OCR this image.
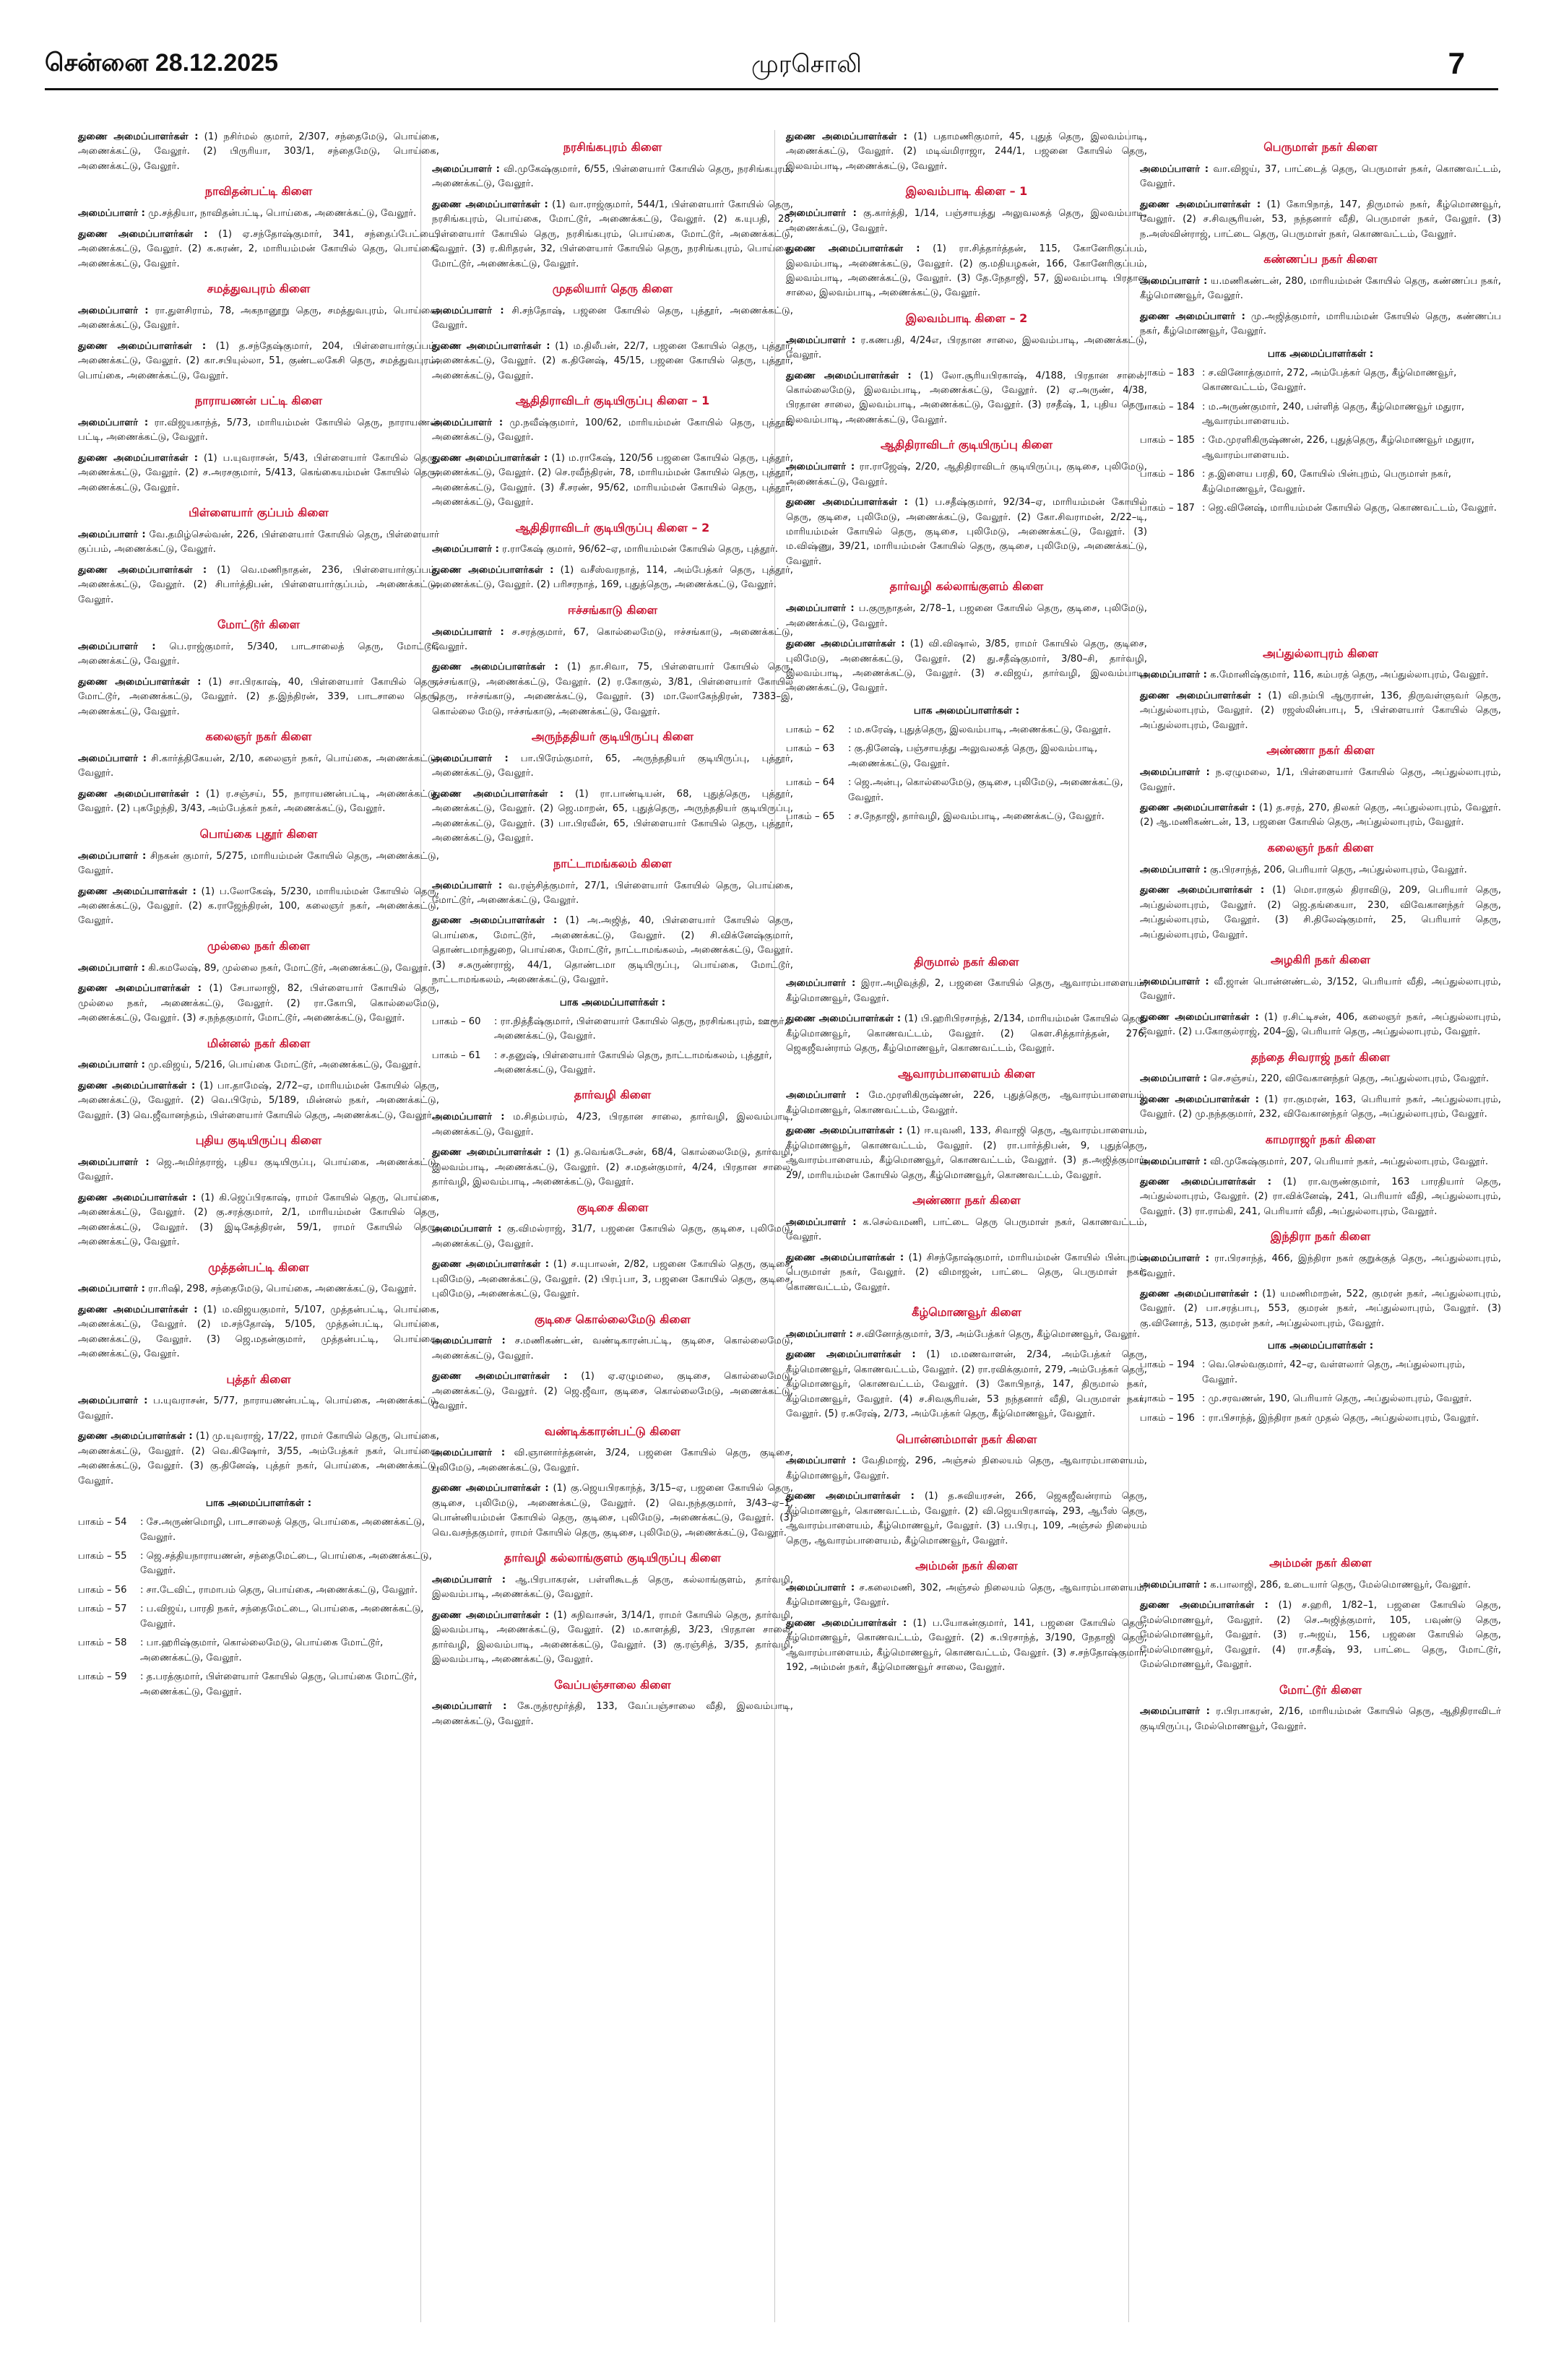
சென்னை 28.12.2025	முரசொலி	7

துணை அமைப்பாளர்கள் : (1) நசிர்மல் குமார், 2/307, சந்தைமேடு, பொய்கை, அணைக்கட்டு, வேலூர். (2) பிருரியா, 303/1, சந்தைமேடு, பொய்கை, அணைக்கட்டு, வேலூர்.

நாவிதன்பட்டி கிளை

அமைப்பாளர் : மு.சத்தியா, நாவிதன்பட்டி, பொய்கை, அணைக்கட்டு, வேலூர்.

துணை அமைப்பாளர்கள் : (1) ஏ.சந்தோஷ்குமார், 341, சந்தைப்பேட்டை, அணைக்கட்டு, வேலூர். (2) க.சுரண், 2, மாரியம்மன் கோயில் தெரு, பொய்கை, அணைக்கட்டு, வேலூர்.

சமத்துவபுரம் கிளை

அமைப்பாளர் : ரா.துளசிராம், 78, அகநானூறு தெரு, சமத்துவபுரம், பொய்கை, அணைக்கட்டு, வேலூர்.

துணை அமைப்பாளர்கள் : (1) த.சந்தேஷ்குமார், 204, பிள்ளையார்குப்பம், அணைக்கட்டு, வேலூர். (2) கா.சபியுல்லா, 51, குண்டலகேசி தெரு, சமத்துவபுரம், பொய்கை, அணைக்கட்டு, வேலூர்.

நாராயணன் பட்டி கிளை

அமைப்பாளர் : ரா.விஜயகாந்த், 5/73, மாரியம்மன் கோயில் தெரு, நாராயணன் பட்டி, அணைக்கட்டு, வேலூர்.

துணை அமைப்பாளர்கள் : (1) ப.யுவராசன், 5/43, பிள்ளையார் கோயில் தெரு, அணைக்கட்டு, வேலூர். (2) ச.அரசகுமார், 5/413, கெங்கையம்மன் கோயில் தெரு, அணைக்கட்டு, வேலூர்.

பிள்ளையார் குப்பம் கிளை

அமைப்பாளர் : வே.தமிழ்செல்வன், 226, பிள்ளையார் கோயில் தெரு, பிள்ளையார் குப்பம், அணைக்கட்டு, வேலூர்.

துணை அமைப்பாளர்கள் : (1) வெ.மணிநாதன், 236, பிள்ளையார்குப்பம், அணைக்கட்டு, வேலூர். (2) சிபார்த்திபன், பிள்ளையார்குப்பம், அணைக்கட்டு, வேலூர்.

மோட்டூர் கிளை

அமைப்பாளர் : பெ.ராஜ்குமார், 5/340, பாடசாலைத் தெரு, மோட்டூர், அணைக்கட்டு, வேலூர்.

துணை அமைப்பாளர்கள் : (1) சா.பிரகாஷ், 40, பிள்ளையார் கோயில் தெரு, மோட்டூர், அணைக்கட்டு, வேலூர். (2) த.இந்திரன், 339, பாடசாலை தெரு, அணைக்கட்டு, வேலூர்.

கலைஞர் நகர் கிளை

அமைப்பாளர் : சி.கார்த்திகேயன், 2/10, கலைஞர் நகர், பொய்கை, அணைக்கட்டு, வேலூர்.

துணை அமைப்பாளர்கள் : (1) ர.சஞ்சய், 55, நாராயணன்பட்டி, அணைக்கட்டு, வேலூர். (2) புகழேந்தி, 3/43, அம்பேத்கர் நகர், அணைக்கட்டு, வேலூர்.

பொய்கை புதூர் கிளை

அமைப்பாளர் : சிநகன் குமார், 5/275, மாரியம்மன் கோயில் தெரு, அணைக்கட்டு, வேலூர்.

துணை அமைப்பாளர்கள் : (1) ப.லோகேஷ், 5/230, மாரியம்மன் கோயில் தெரு, அணைக்கட்டு, வேலூர். (2) க.ராஜேந்திரன், 100, கலைஞர் நகர், அணைக்கட்டு, வேலூர்.

முல்லை நகர் கிளை

அமைப்பாளர் : கி.கமலேஷ், 89, முல்லை நகர், மோட்டூர், அணைக்கட்டு, வேலூர்.

துணை அமைப்பாளர்கள் : (1) சேபாலாஜி, 82, பிள்ளையார் கோயில் தெரு, முல்லை நகர், அணைக்கட்டு, வேலூர். (2) ரா.கோபி, கொல்லைமேடு, அணைக்கட்டு, வேலூர். (3) ச.நந்தகுமார், மோட்டூர், அணைக்கட்டு, வேலூர்.

மின்னல் நகர் கிளை

அமைப்பாளர் : மு.விஜய், 5/216, பொய்கை மோட்டூர், அணைக்கட்டு, வேலூர்.

துணை அமைப்பாளர்கள் : (1) பா.தாமேஷ், 2/72–ஏ, மாரியம்மன் கோயில் தெரு, அணைக்கட்டு, வேலூர். (2) வெ.பிரேம், 5/189, மின்னல் நகர், அணைக்கட்டு, வேலூர். (3) வெ.ஜீவானந்தம், பிள்ளையார் கோயில் தெரு, அணைக்கட்டு, வேலூர்.

புதிய குடியிருப்பு கிளை

அமைப்பாளர் : ஜெ.அமிர்தராஜ், புதிய குடியிருப்பு, பொய்கை, அணைக்கட்டு, வேலூர்.

துணை அமைப்பாளர்கள் : (1) கி.ஜெப்பிரகாஷ், ராமர் கோயில் தெரு, பொய்கை, அணைக்கட்டு, வேலூர். (2) கு.சரத்குமார், 2/1, மாரியம்மன் கோயில் தெரு, அணைக்கட்டு, வேலூர். (3) இடிகேத்திரன், 59/1, ராமர் கோயில் தெரு, அணைக்கட்டு, வேலூர்.

முத்தன்பட்டி கிளை

அமைப்பாளர் : ரா.ரிஷி, 298, சந்தைமேடு, பொய்கை, அணைக்கட்டு, வேலூர்.

துணை அமைப்பாளர்கள் : (1) ம.விஜயகுமார், 5/107, முத்தன்பட்டி, பொய்கை, அணைக்கட்டு, வேலூர். (2) ம.சந்தோஷ், 5/105, முத்தன்பட்டி, பொய்கை, அணைக்கட்டு, வேலூர். (3) ஜெ.மதன்குமார், முத்தன்பட்டி, பொய்கை, அணைக்கட்டு, வேலூர்.

புத்தர் கிளை

அமைப்பாளர் : ப.யுவராசன், 5/77, நாராயணன்பட்டி, பொய்கை, அணைக்கட்டு, வேலூர்.

துணை அமைப்பாளர்கள் : (1) மு.யுவராஜ், 17/22, ராமர் கோயில் தெரு, பொய்கை, அணைக்கட்டு, வேலூர். (2) வெ.கிஷோர், 3/55, அம்பேத்கர் நகர், பொய்கை, அணைக்கட்டு, வேலூர். (3) கு.தினேஷ், புத்தர் நகர், பொய்கை, அணைக்கட்டு, வேலூர்.

பாக அமைப்பாளர்கள் :
பாகம் – 54	: சே.அருண்மொழி, பாடசாலைத் தெரு, பொய்கை, அணைக்கட்டு, வேலூர்.
பாகம் – 55	: ஜெ.சத்தியநாராயணன், சந்தைமேட்டை, பொய்கை, அணைக்கட்டு, வேலூர்.
பாகம் – 56	: சா.டேவிட், ராமாபம் தெரு, பொய்கை, அணைக்கட்டு, வேலூர்.
பாகம் – 57	: ப.விஜய், பாரதி நகர், சந்தைமேட்டை, பொய்கை, அணைக்கட்டு, வேலூர்.
பாகம் – 58	: பா.ஹரிஷ்குமார், கொல்லைமேடு, பொய்கை மோட்டூர், அணைக்கட்டு, வேலூர்.
பாகம் – 59	: த.பரத்குமார், பிள்ளையார் கோயில் தெரு, பொய்கை மோட்டூர், அணைக்கட்டு, வேலூர்.
நரசிங்கபுரம் கிளை

அமைப்பாளர் : வி.முகேஷ்குமார், 6/55, பிள்ளையார் கோயில் தெரு, நரசிங்கபுரம், அணைக்கட்டு, வேலூர்.

துணை அமைப்பாளர்கள் : (1) வா.ராஜ்குமார், 544/1, பிள்ளையார் கோயில் தெரு, நரசிங்கபுரம், பொய்கை, மோட்டூர், அணைக்கட்டு, வேலூர். (2) க.யுபதி, 28, பிள்ளையார் கோயில் தெரு, நரசிங்கபுரம், பொய்கை, மோட்டூர், அணைக்கட்டு, வேலூர். (3) ர.கிரிதரன், 32, பிள்ளையார் கோயில் தெரு, நரசிங்கபுரம், பொய்கை, மோட்டூர், அணைக்கட்டு, வேலூர்.

முதலியார் தெரு கிளை

அமைப்பாளர் : சி.சந்தோஷ், பஜனை கோயில் தெரு, புத்தூர், அணைக்கட்டு, வேலூர்.

துணை அமைப்பாளர்கள் : (1) ம.திலீபன், 22/7, பஜனை கோயில் தெரு, புத்தூர், அணைக்கட்டு, வேலூர். (2) க.தினேஷ், 45/15, பஜனை கோயில் தெரு, புத்தூர், அணைக்கட்டு, வேலூர்.

ஆதிதிராவிடர் குடியிருப்பு கிளை – 1

அமைப்பாளர் : மு.நவீஷ்குமார், 100/62, மாரியம்மன் கோயில் தெரு, புத்தூர், அணைக்கட்டு, வேலூர்.

துணை அமைப்பாளர்கள் : (1) ம.ராகேஷ், 120/56 பஜனை கோயில் தெரு, புத்தூர், அணைக்கட்டு, வேலூர். (2) செ.ரவீந்திரன், 78, மாரியம்மன் கோயில் தெரு, புத்தூர், அணைக்கட்டு, வேலூர். (3) சீ.சரண், 95/62, மாரியம்மன் கோயில் தெரு, புத்தூர், அணைக்கட்டு, வேலூர்.

ஆதிதிராவிடர் குடியிருப்பு கிளை – 2

அமைப்பாளர் : ர.ராகேஷ் குமார், 96/62–ஏ, மாரியம்மன் கோயில் தெரு, புத்தூர்.

துணை அமைப்பாளர்கள் : (1) வசீஸ்வரநாத், 114, அம்பேத்கர் தெரு, புத்தூர், அணைக்கட்டு, வேலூர். (2) பரிசரநாத், 169, புதுத்தெரு, அணைக்கட்டு, வேலூர்.

ஈச்சங்காடு கிளை

அமைப்பாளர் : ச.சரத்குமார், 67, கொல்லைமேடு, ஈச்சங்காடு, அணைக்கட்டு, வேலூர்.

துணை அமைப்பாளர்கள் : (1) தா.சிவா, 75, பிள்ளையார் கோயில் தெரு, ஈச்சங்காடு, அணைக்கட்டு, வேலூர். (2) ர.கோகுல், 3/81, பிள்ளையார் கோயில் தெரு, ஈச்சங்காடு, அணைக்கட்டு, வேலூர். (3) மா.லோகேந்திரன், 7383–இ, கொல்லை மேடு, ஈச்சங்காடு, அணைக்கட்டு, வேலூர்.

அருந்ததியர் குடியிருப்பு கிளை

அமைப்பாளர் : பா.பிரேம்குமார், 65, அருந்ததியர் குடியிருப்பு, புத்தூர், அணைக்கட்டு, வேலூர்.

துணை அமைப்பாளர்கள் : (1) ரா.பாண்டியன், 68, புதுத்தெரு, புத்தூர், அணைக்கட்டு, வேலூர். (2) ஜெ.மாறன், 65, புதுத்தெரு, அருந்ததியர் குடியிருப்பு, அணைக்கட்டு, வேலூர். (3) பா.பிரவீன், 65, பிள்ளையார் கோயில் தெரு, புத்தூர், அணைக்கட்டு, வேலூர்.

நாட்டாமங்கலம் கிளை

அமைப்பாளர் : வ.ரஞ்சித்குமார், 27/1, பிள்ளையார் கோயில் தெரு, பொய்கை, மோட்டூர், அணைக்கட்டு, வேலூர்.

துணை அமைப்பாளர்கள் : (1) அ.அஜித், 40, பிள்ளையார் கோயில் தெரு, பொய்கை, மோட்டூர், அணைக்கட்டு, வேலூர். (2) சி.விக்னேஷ்குமார், தொண்டமாந்துறை, பொய்கை, மோட்டூர், நாட்டாமங்கலம், அணைக்கட்டு, வேலூர். (3) ச.சுருண்ராஜ், 44/1, தொண்டமா குடியிருப்பு, பொய்கை, மோட்டூர், நாட்டாமங்கலம், அணைக்கட்டு, வேலூர்.

பாக அமைப்பாளர்கள் :
பாகம் – 60	: ரா.நித்தீஷ்குமார், பிள்ளையார் கோயில் தெரு, நரசிங்கபுரம், ஊரூர், அணைக்கட்டு, வேலூர்.
பாகம் – 61	: ச.தனுஷ், பிள்ளையார் கோயில் தெரு, நாட்டாமங்கலம், புத்தூர், அணைக்கட்டு, வேலூர்.
தார்வழி கிளை

அமைப்பாளர் : ம.சிதம்பரம், 4/23, பிரதான சாலை, தார்வழி, இலவம்பாடி, அணைக்கட்டு, வேலூர்.

துணை அமைப்பாளர்கள் : (1) த.வெங்கடேசன், 68/4, கொல்லைமேடு, தார்வழி, இலவம்பாடி, அணைக்கட்டு, வேலூர். (2) ச.மதன்குமார், 4/24, பிரதான சாலை, தார்வழி, இலவம்பாடி, அணைக்கட்டு, வேலூர்.

குடிசை கிளை

அமைப்பாளர் : கு.விமல்ராஜ், 31/7, பஜனை கோயில் தெரு, குடிசை, புலிமேடு, அணைக்கட்டு, வேலூர்.

துணை அமைப்பாளர்கள் : (1) ச.யுபாலன், 2/82, பஜனை கோயில் தெரு, குடிசை, புலிமேடு, அணைக்கட்டு, வேலூர். (2) பிரபு்பா, 3, பஜனை கோயில் தெரு, குடிசை, புலிமேடு, அணைக்கட்டு, வேலூர்.

குடிசை கொல்லைமேடு கிளை

அமைப்பாளர் : ச.மணிகண்டன், வண்டிகாரன்பட்டி, குடிசை, கொல்லைமேடு, அணைக்கட்டு, வேலூர்.

துணை அமைப்பாளர்கள் : (1) ஏ.ஏழுமலை, குடிசை, கொல்லைமேடு, அணைக்கட்டு, வேலூர். (2) ஜெ.ஜீவா, குடிசை, கொல்லைமேடு, அணைக்கட்டு, வேலூர்.

வண்டிக்காரன்பட்டு கிளை

அமைப்பாளர் : வி.ஞானார்த்தனன், 3/24, பஜனை கோயில் தெரு, குடிசை, புலிமேடு, அணைக்கட்டு, வேலூர்.

துணை அமைப்பாளர்கள் : (1) கு.ஜெயபிரகாந்த், 3/15–ஏ, பஜனை கோயில் தெரு, குடிசை, புலிமேடு, அணைக்கட்டு, வேலூர். (2) வெ.நந்தகுமார், 3/43–ஏ–1, பொன்னியம்மன் கோயில் தெரு, குடிசை, புலிமேடு, அணைக்கட்டு, வேலூர். (3) வெ.வசந்தகுமார், ராமர் கோயில் தெரு, குடிசை, புலிமேடு, அணைக்கட்டு, வேலூர்.

தார்வழி கல்லாங்குளம் குடியிருப்பு கிளை

அமைப்பாளர் : ஆ.பிரபாகரன், பள்ளிகூடத் தெரு, கல்லாங்குளம், தார்வழி, இலவம்பாடி, அணைக்கட்டு, வேலூர்.

துணை அமைப்பாளர்கள் : (1) சுநிவாசன், 3/14/1, ராமர் கோயில் தெரு, தார்வழி, இலவம்பாடி, அணைக்கட்டு, வேலூர். (2) ம.காளத்தி, 3/23, பிரதான சாலை, தார்வழி, இலவம்பாடி, அணைக்கட்டு, வேலூர். (3) கு.ரஞ்சித், 3/35, தார்வழி, இலவம்பாடி, அணைக்கட்டு, வேலூர்.

வேப்பஞ்சாலை கிளை

அமைப்பாளர் : கே.ருத்ரமூர்த்தி, 133, வேப்பஞ்சாலை வீதி, இலவம்பாடி, அணைக்கட்டு, வேலூர்.

துணை அமைப்பாளர்கள் : (1) பதாமணிகுமார், 45, புதுத் தெரு, இலவம்பாடி, அணைக்கட்டு, வேலூர். (2) மடிவ்மிராஜா, 244/1, பஜனை கோயில் தெரு, இலவம்பாடி, அணைக்கட்டு, வேலூர்.

இலவம்பாடி கிளை – 1

அமைப்பாளர் : கு.கார்த்தி, 1/14, பஞ்சாயத்து அலுவலகத் தெரு, இலவம்பாடி, அணைக்கட்டு, வேலூர்.

துணை அமைப்பாளர்கள் : (1) ரா.சித்தார்த்தன், 115, கோனேரிகுப்பம், இலவம்பாடி, அணைக்கட்டு, வேலூர். (2) கு.மதியழகன், 166, கோனேரிகுப்பம், இலவம்பாடி, அணைக்கட்டு, வேலூர். (3) தே.நேதாஜி, 57, இலவம்பாடி பிரதான சாலை, இலவம்பாடி, அணைக்கட்டு, வேலூர்.

இலவம்பாடி கிளை – 2

அமைப்பாளர் : ர.கணபதி, 4/24எ, பிரதான சாலை, இலவம்பாடி, அணைக்கட்டு, வேலூர்.

துணை அமைப்பாளர்கள் : (1) லோ.சூரியபிரகாஷ், 4/188, பிரதான சாலை, கொல்லைமேடு, இலவம்பாடி, அணைக்கட்டு, வேலூர். (2) ஏ.அருண், 4/38, பிரதான சாலை, இலவம்பாடி, அணைக்கட்டு, வேலூர். (3) ரசதீஷ், 1, புதிய தெரு, இலவம்பாடி, அணைக்கட்டு, வேலூர்.

ஆதிதிராவிடர் குடியிருப்பு கிளை

அமைப்பாளர் : ரா.ராஜேஷ், 2/20, ஆதிதிராவிடர் குடியிருப்பு, குடிசை, புலிமேடு, அணைக்கட்டு, வேலூர்.

துணை அமைப்பாளர்கள் : (1) ப.சதீஷ்குமார், 92/34–ஏ, மாரியம்மன் கோயில் தெரு, குடிசை, புலிமேடு, அணைக்கட்டு, வேலூர். (2) கோ.சிவராமன், 2/22–டி, மாரியம்மன் கோயில் தெரு, குடிசை, புலிமேடு, அணைக்கட்டு, வேலூர். (3) ம.விஷ்ணு, 39/21, மாரியம்மன் கோயில் தெரு, குடிசை, புலிமேடு, அணைக்கட்டு, வேலூர்.

தார்வழி கல்லாங்குளம் கிளை

அமைப்பாளர் : ப.குருநாதன், 2/78–1, பஜனை கோயில் தெரு, குடிசை, புலிமேடு, அணைக்கட்டு, வேலூர்.

துணை அமைப்பாளர்கள் : (1) வி.விஷால், 3/85, ராமர் கோயில் தெரு, குடிசை, புலிமேடு, அணைக்கட்டு, வேலூர். (2) து.சதீஷ்குமார், 3/80–சி, தார்வழி, இலவம்பாடி, அணைக்கட்டு, வேலூர். (3) ச.விஜய், தார்வழி, இலவம்பாடி, அணைக்கட்டு, வேலூர்.

பாக அமைப்பாளர்கள் :
பாகம் – 62	: ம.சுரேஷ், புதுத்தெரு, இலவம்பாடி, அணைக்கட்டு, வேலூர்.
பாகம் – 63	: கு.தினேஷ், பஞ்சாயத்து அலுவலகத் தெரு, இலவம்பாடி, அணைக்கட்டு, வேலூர்.
பாகம் – 64	: ஜெ.அன்பு, கொல்லைமேடு, குடிசை, புலிமேடு, அணைக்கட்டு, வேலூர்.
பாகம் – 65	: ச.நேதாஜி, தார்வழி, இலவம்பாடி, அணைக்கட்டு, வேலூர்.
திருமால் நகர் கிளை

அமைப்பாளர் : இரா.அழிவுத்தி, 2, பஜனை கோயில் தெரு, ஆவாரம்பாளையம், கீழ்மொணவூர், வேலூர்.

துணை அமைப்பாளர்கள் : (1) பி.ஹரிபிரசாந்த், 2/134, மாரியம்மன் கோயில் தெரு, கீழ்மொணவூர், கொணவட்டம், வேலூர். (2) கௌ.சித்தார்த்தன், 276, ஜெகஜீவன்ராம் தெரு, கீழ்மொணவூர், கொணவட்டம், வேலூர்.

ஆவாரம்பாளையம் கிளை

அமைப்பாளர் : மே.முரளிகிருஷ்ணன், 226, புதுத்தெரு, ஆவாரம்பாளையம், கீழ்மொணவூர், கொணவட்டம், வேலூர்.

துணை அமைப்பாளர்கள் : (1) ஈ.யுவனி, 133, சிவாஜி தெரு, ஆவாரம்பாளையம், கீழ்மொணவூர், கொணவட்டம், வேலூர். (2) ரா.பார்த்திபன், 9, புதுத்தெரு, ஆவாரம்பாளையம், கீழ்மொணவூர், கொணவட்டம், வேலூர். (3) த.அஜித்குமார், 29/, மாரியம்மன் கோயில் தெரு, கீழ்மொணவூர், கொணவட்டம், வேலூர்.

அண்ணா நகர் கிளை

அமைப்பாளர் : க.செல்வமணி, பாட்டை தெரு பெருமாள் நகர், கொணவட்டம், வேலூர்.

துணை அமைப்பாளர்கள் : (1) சிசந்தோஷ்குமார், மாரியம்மன் கோயில் பின்புறம், பெருமாள் நகர், வேலூர். (2) விமாஜன், பாட்டை தெரு, பெருமாள் நகர், கொணவட்டம், வேலூர்.

கீழ்மொணவூர் கிளை

அமைப்பாளர் : ச.வினோத்குமார், 3/3, அம்பேத்கர் தெரு, கீழ்மொணவூர், வேலூர்.

துணை அமைப்பாளர்கள் : (1) ம.மணவாளன், 2/34, அம்பேத்கர் தெரு, கீழ்மொணவூர், கொணவட்டம், வேலூர். (2) ரா.ரவிக்குமார், 279, அம்பேத்கர் தெரு, கீழ்மொணவூர், கொணவட்டம், வேலூர். (3) கோபிநாத், 147, திருமால் நகர், கீழ்மொணவூர், வேலூர். (4) ச.சிவசூரியன், 53 நந்தனார் வீதி, பெருமாள் நகர், வேலூர். (5) ர.சுரேஷ், 2/73, அம்பேத்கர் தெரு, கீழ்மொணவூர், வேலூர்.

பொன்னம்மாள் நகர் கிளை

அமைப்பாளர் : வேதிமாஜ், 296, அஞ்சல் நிலையம் தெரு, ஆவாரம்பாளையம், கீழ்மொணவூர், வேலூர்.

துணை அமைப்பாளர்கள் : (1) த.சுவியரசன், 266, ஜெகஜீவன்ராம் தெரு, கீழ்மொணவூர், கொணவட்டம், வேலூர். (2) வி.ஜெயபிரகாஷ், 293, ஆபீஸ் தெரு, ஆவாரம்பாளையம், கீழ்மொணவூர், வேலூர். (3) ப.பிரபு, 109, அஞ்சல் நிலையம் தெரு, ஆவாரம்பாளையம், கீழ்மொணவூர், வேலூர்.

அம்மன் நகர் கிளை

அமைப்பாளர் : ச.கலைமணி, 302, அஞ்சல் நிலையம் தெரு, ஆவாரம்பாளையம், கீழ்மொணவூர், வேலூர்.

துணை அமைப்பாளர்கள் : (1) ப.யோகன்குமார், 141, பஜனை கோயில் தெரு, கீழ்மொணவூர், கொணவட்டம், வேலூர். (2) சு.பிரசாந்த், 3/190, நேதாஜி தெரு, ஆவாரம்பாளையம், கீழ்மொணவூர், கொணவட்டம், வேலூர். (3) ச.சந்தோஷ்குமார், 192, அம்மன் நகர், கீழ்மொணவூர் சாலை, வேலூர்.

பெருமாள் நகர் கிளை

அமைப்பாளர் : வா.விஜய், 37, பாட்டைத் தெரு, பெருமாள் நகர், கொணவட்டம், வேலூர்.

துணை அமைப்பாளர்கள் : (1) கோபிநாத், 147, திருமால் நகர், கீழ்மொணவூர், வேலூர். (2) ச.சிவசூரியன், 53, நந்தனார் வீதி, பெருமாள் நகர், வேலூர். (3) ந.அஸ்வின்ராஜ், பாட்டை தெரு, பெருமாள் நகர், கொணவட்டம், வேலூர்.

கண்ணப்ப நகர் கிளை

அமைப்பாளர் : ய.மணிகண்டன், 280, மாரியம்மன் கோயில் தெரு, கண்ணப்ப நகர், கீழ்மொணவூர், வேலூர்.

துணை அமைப்பாளர் : மு.அஜித்குமார், மாரியம்மன் கோயில் தெரு, கண்ணப்ப நகர், கீழ்மொணவூர், வேலூர்.

பாக அமைப்பாளர்கள் :
பாகம் – 183 : ச.வினோத்குமார், 272, அம்பேத்கர் தெரு, கீழ்மொணவூர், கொணவட்டம், வேலூர்.
பாகம் – 184 : ம.அருண்குமார், 240, பள்ளித் தெரு, கீழ்மொணவூர் மதுரா, ஆவாரம்பாளையம்.
பாகம் – 185 : மே.முரளிகிருஷ்ணன், 226, புதுத்தெரு, கீழ்மொணவூர் மதுரா, ஆவாரம்பாளையம்.
பாகம் – 186 : த.இளைய பரதி, 60, கோயில் பின்புறம், பெருமாள் நகர், கீழ்மொணவூர், வேலூர்.
பாகம் – 187 : ஜெ.வினேஷ், மாரியம்மன் கோயில் தெரு, கொணவட்டம், வேலூர்.
அப்துல்லாபுரம் கிளை

அமைப்பாளர் : க.மோனிஷ்குமார், 116, கம்பரத் தெரு, அப்துல்லாபுரம், வேலூர்.

துணை அமைப்பாளர்கள் : (1) வி.நம்பி ஆருரான், 136, திருவள்ளுவர் தெரு, அப்துல்லாபுரம், வேலூர். (2) ரஜஸ்லின்பாபு, 5, பிள்ளையார் கோயில் தெரு, அப்துல்லாபுரம், வேலூர்.

அண்ணா நகர் கிளை

அமைப்பாளர் : ந.ஏழுமலை, 1/1, பிள்ளையார் கோயில் தெரு, அப்துல்லாபுரம், வேலூர்.

துணை அமைப்பாளர்கள் : (1) த.சரத், 270, திலகர் தெரு, அப்துல்லாபுரம், வேலூர். (2) ஆ.மணிகண்டன், 13, பஜனை கோயில் தெரு, அப்துல்லாபுரம், வேலூர்.

கலைஞர் நகர் கிளை

அமைப்பாளர் : கு.பிரசாந்த், 206, பெரியார் தெரு, அப்துல்லாபுரம், வேலூர்.

துணை அமைப்பாளர்கள் : (1) மொ.ராகுல் திராவிடு, 209, பெரியார் தெரு, அப்துல்லாபுரம், வேலூர். (2) ஜெ.தங்கையா, 230, விவேகானந்தர் தெரு, அப்துல்லாபுரம், வேலூர். (3) சி.திலேஷ்குமார், 25, பெரியார் தெரு, அப்துல்லாபுரம், வேலூர்.

அழகிரி நகர் கிளை

அமைப்பாளர் : வீ.ஜான் பொன்னண்டல், 3/152, பெரியார் வீதி, அப்துல்லாபுரம், வேலூர்.

துணை அமைப்பாளர்கள் : (1) ர.சிட்டிசன், 406, கலைஞர் நகர், அப்துல்லாபுரம், வேலூர். (2) ப.கோகுல்ராஜ், 204–இ, பெரியார் தெரு, அப்துல்லாபுரம், வேலூர்.

தந்தை சிவராஜ் நகர் கிளை

அமைப்பாளர் : செ.சஞ்சய், 220, விவேகானந்தர் தெரு, அப்துல்லாபுரம், வேலூர்.

துணை அமைப்பாளர்கள் : (1) ரா.குமரன், 163, பெரியார் நகர், அப்துல்லாபுரம், வேலூர். (2) மு.நந்தகுமார், 232, விவேகானந்தர் தெரு, அப்துல்லாபுரம், வேலூர்.

காமராஜர் நகர் கிளை

அமைப்பாளர் : வி.முகேஷ்குமார், 207, பெரியார் நகர், அப்துல்லாபுரம், வேலூர்.

துணை அமைப்பாளர்கள் : (1) ரா.வருண்குமார், 163 பாரதியார் தெரு, அப்துல்லாபுரம், வேலூர். (2) ரா.விக்னேஷ், 241, பெரியார் வீதி, அப்துல்லாபுரம், வேலூர். (3) ரா.ராம்கி, 241, பெரியார் வீதி, அப்துல்லாபுரம், வேலூர்.

இந்திரா நகர் கிளை

அமைப்பாளர் : ரா.பிரசாந்த், 466, இந்திரா நகர் குறுக்குத் தெரு, அப்துல்லாபுரம், வேலூர்.

துணை அமைப்பாளர்கள் : (1) யமணிமாறன், 522, குமரன் நகர், அப்துல்லாபுரம், வேலூர். (2) பா.சரத்பாபு, 553, குமரன் நகர், அப்துல்லாபுரம், வேலூர். (3) கு.வினோத், 513, குமரன் நகர், அப்துல்லாபுரம், வேலூர்.

பாக அமைப்பாளர்கள் :
பாகம் – 194 : வெ.செல்வகுமார், 42–ஏ, வள்ளலார் தெரு, அப்துல்லாபுரம், வேலூர்.
பாகம் – 195 : மு.சரவணன், 190, பெரியார் தெரு, அப்துல்லாபுரம், வேலூர்.
பாகம் – 196 : ரா.பிசாந்த், இந்திரா நகர் முதல் தெரு, அப்துல்லாபுரம், வேலூர்.
அம்மன் நகர் கிளை

அமைப்பாளர் : க.பாலாஜி, 286, உடையார் தெரு, மேல்மொணவூர், வேலூர்.

துணை அமைப்பாளர்கள் : (1) ச.ஹரி, 1/82–1, பஜனை கோயில் தெரு, மேல்மொணவூர், வேலூர். (2) செ.அஜித்குமார், 105, பவுண்டு தெரு, மேல்மொணவூர், வேலூர். (3) ர.அஜய், 156, பஜனை கோயில் தெரு, மேல்மொணவூர், வேலூர். (4) ரா.சதீஷ், 93, பாட்டை தெரு, மோட்டூர், மேல்மொணவூர், வேலூர்.

மோட்டூர் கிளை

அமைப்பாளர் : ர.பிரபாகரன், 2/16, மாரியம்மன் கோயில் தெரு, ஆதிதிராவிடர் குடியிருப்பு, மேல்மொணவூர், வேலூர்.
